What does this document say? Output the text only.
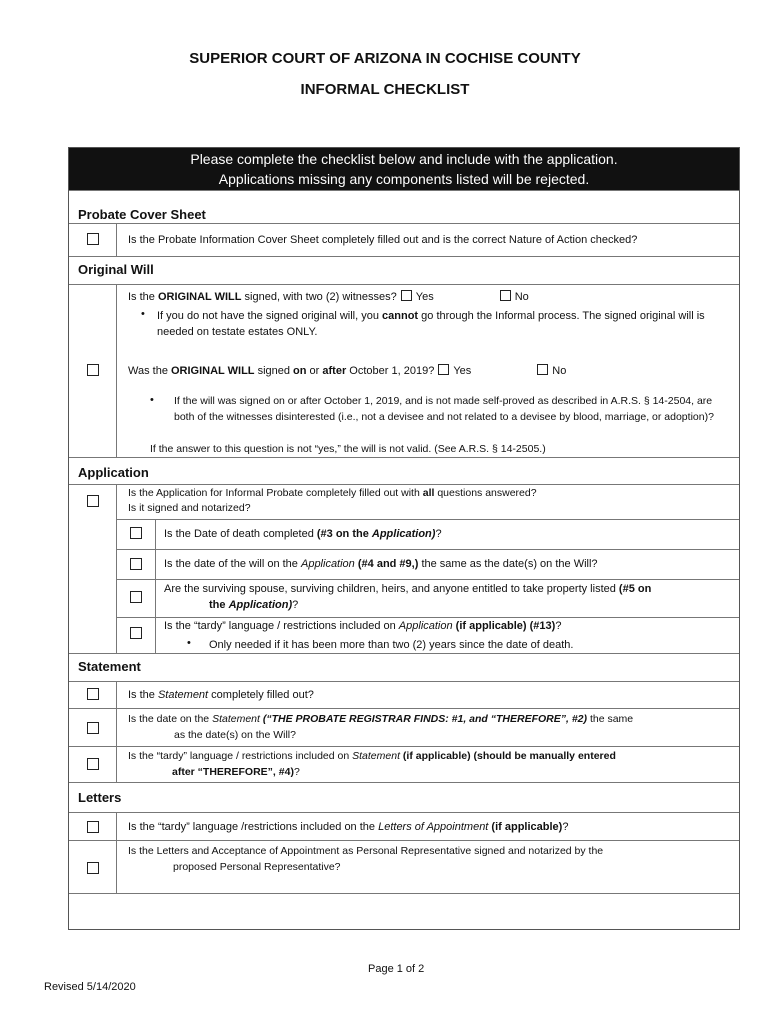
SUPERIOR COURT OF ARIZONA IN COCHISE COUNTY
INFORMAL CHECKLIST
Please complete the checklist below and include with the application.
Applications missing any components listed will be rejected.
Probate Cover Sheet
Original Will
Application
Statement
Letters
Is the Probate Information Cover Sheet completely filled out and is the correct Nature of Action checked?
Is the ORIGINAL WILL signed, with two (2) witnesses? Yes	No
• If you do not have the signed original will, you cannot go through the Informal process. The signed original will is needed on testate estates ONLY.
Was the ORIGINAL WILL signed on or after October 1, 2019? Yes	No
• If the will was signed on or after October 1, 2019, and is not made self-proved as described in A.R.S. § 14-2504, are both of the witnesses disinterested (i.e., not a devisee and not related to a devisee by blood, marriage, or adoption)?
If the answer to this question is not “yes,” the will is not valid. (See A.R.S. § 14-2505.)
Is the Application for Informal Probate completely filled out with all questions answered?
Is it signed and notarized?
Is the Date of death completed (#3 on the Application)?
Is the date of the will on the Application (#4 and #9,) the same as the date(s) on the Will?
Are the surviving spouse, surviving children, heirs, and anyone entitled to take property listed (#5 on
the Application)?
Is the “tardy” language / restrictions included on Application (if applicable) (#13)?
• Only needed if it has been more than two (2) years since the date of death.
Is the Statement completely filled out?
Is the date on the Statement (“THE PROBATE REGISTRAR FINDS: #1, and “THEREFORE”, #2) the same
as the date(s) on the Will?
Is the “tardy” language / restrictions included on Statement (if applicable) (should be manually entered
after “THEREFORE”, #4)?
Is the “tardy” language /restrictions included on the Letters of Appointment (if applicable)?
Is the Letters and Acceptance of Appointment as Personal Representative signed and notarized by the
proposed Personal Representative?
Page 1 of 2
Revised 5/14/2020
